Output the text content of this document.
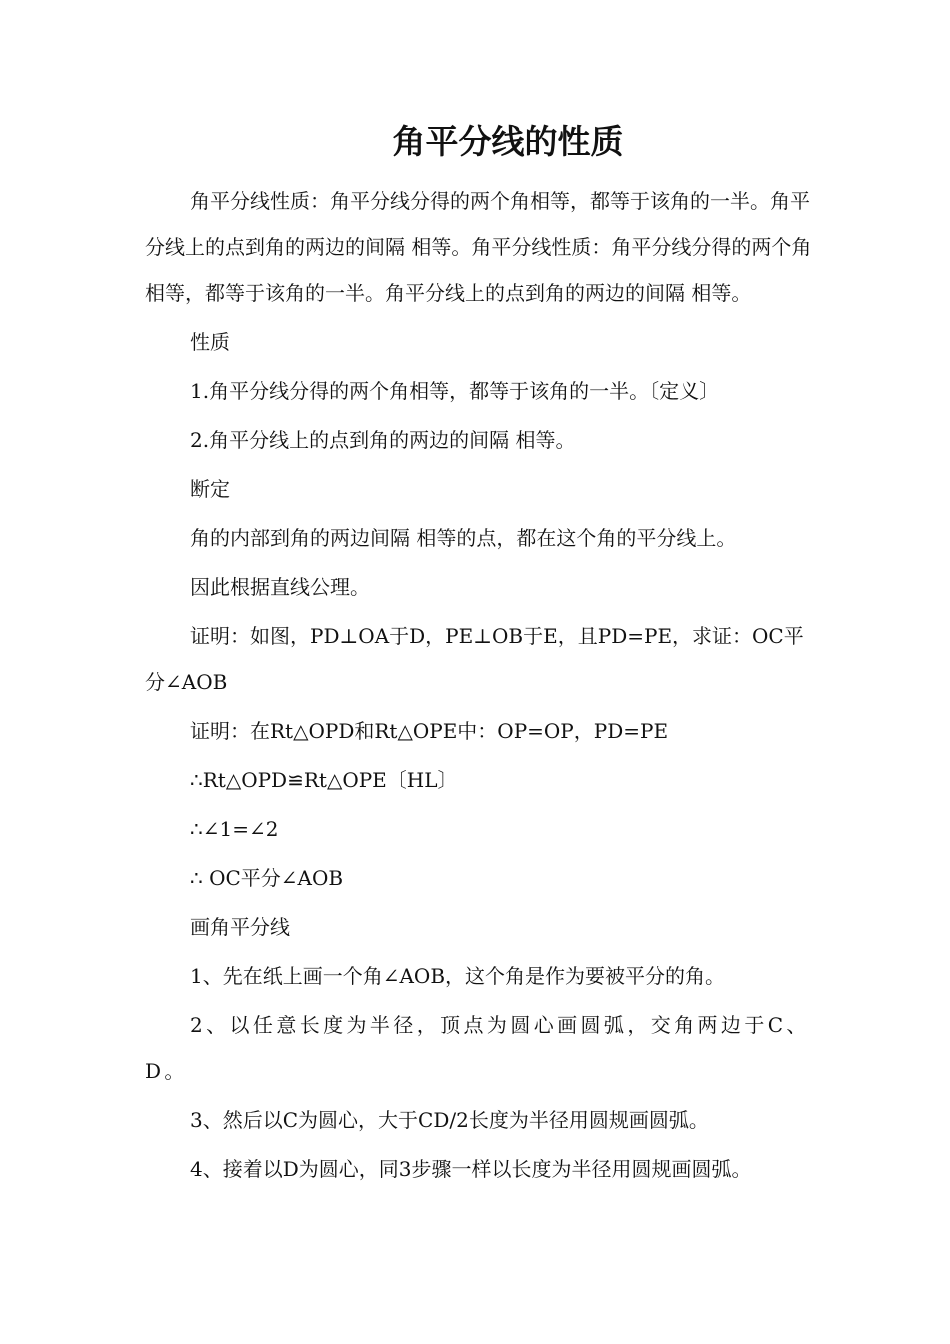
角平分线的性质

角平分线性质：角平分线分得的两个角相等，都等于该角的一半。角平分线上的点到角的两边的间隔 相等。角平分线性质：角平分线分得的两个角相等，都等于该角的一半。角平分线上的点到角的两边的间隔 相等。

性质

1.角平分线分得的两个角相等，都等于该角的一半。〔定义〕

2.角平分线上的点到角的两边的间隔 相等。

断定

角的内部到角的两边间隔 相等的点，都在这个角的平分线上。

因此根据直线公理。

证明：如图，PD⊥OA于D，PE⊥OB于E，且PD=PE，求证：OC平分∠AOB

证明：在Rt△OPD和Rt△OPE中：OP=OP，PD=PE

∴Rt△OPD≌Rt△OPE〔HL〕

∴∠1=∠2

∴ OC平分∠AOB

画角平分线

1、先在纸上画一个角∠AOB，这个角是作为要被平分的角。

2、以任意长度为半径，顶点为圆心画圆弧，交角两边于C、D。

3、然后以C为圆心，大于CD/2长度为半径用圆规画圆弧。

4、接着以D为圆心，同3步骤一样以长度为半径用圆规画圆弧。
